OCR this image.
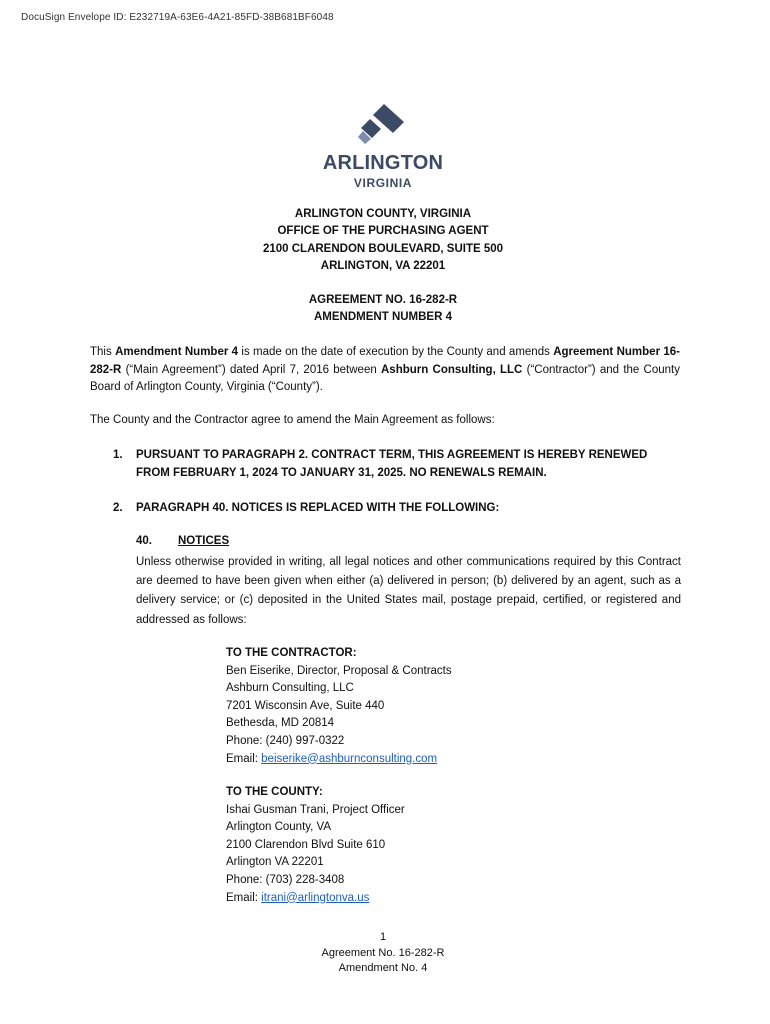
DocuSign Envelope ID: E232719A-63E6-4A21-85FD-38B681BF6048
ARLINGTON
VIRGINIA
ARLINGTON COUNTY, VIRGINIA
OFFICE OF THE PURCHASING AGENT
2100 CLARENDON BOULEVARD, SUITE 500
ARLINGTON, VA 22201
AGREEMENT NO. 16-282-R
AMENDMENT NUMBER 4
This Amendment Number 4 is made on the date of execution by the County and amends Agreement Number 16-282-R (“Main Agreement”) dated April 7, 2016 between Ashburn Consulting, LLC (“Contractor”) and the County Board of Arlington County, Virginia (“County”).
The County and the Contractor agree to amend the Main Agreement as follows:
1. PURSUANT TO PARAGRAPH 2. CONTRACT TERM, THIS AGREEMENT IS HEREBY RENEWED FROM FEBRUARY 1, 2024 TO JANUARY 31, 2025. NO RENEWALS REMAIN.
2. PARAGRAPH 40. NOTICES IS REPLACED WITH THE FOLLOWING:
40. NOTICES
Unless otherwise provided in writing, all legal notices and other communications required by this Contract are deemed to have been given when either (a) delivered in person; (b) delivered by an agent, such as a delivery service; or (c) deposited in the United States mail, postage prepaid, certified, or registered and addressed as follows:
TO THE CONTRACTOR:
Ben Eiserike, Director, Proposal & Contracts
Ashburn Consulting, LLC
7201 Wisconsin Ave, Suite 440
Bethesda, MD 20814
Phone: (240) 997-0322
Email: beiserike@ashburnconsulting.com
TO THE COUNTY:
Ishai Gusman Trani, Project Officer
Arlington County, VA
2100 Clarendon Blvd Suite 610
Arlington VA 22201
Phone: (703) 228-3408
Email: itrani@arlingtonva.us
1
Agreement No. 16-282-R
Amendment No. 4
